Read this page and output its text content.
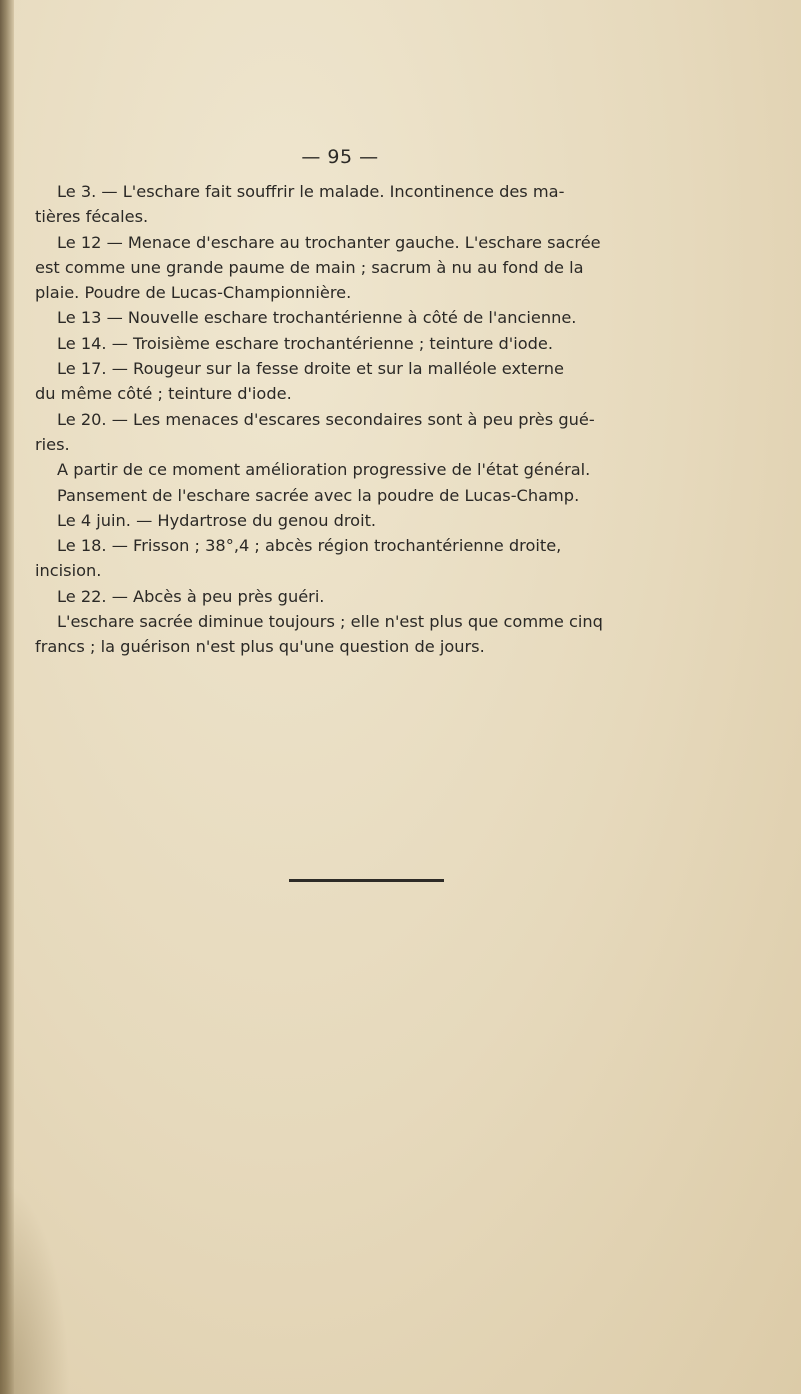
— 95 —

Le 3. — L'eschare fait souffrir le malade. Incontinence des ma-

tières fécales.

Le 12 — Menace d'eschare au trochanter gauche. L'eschare sacrée

est comme une grande paume de main ; sacrum à nu au fond de la

plaie. Poudre de Lucas-Championnière.

Le 13 — Nouvelle eschare trochantérienne à côté de l'ancienne.

Le 14. — Troisième eschare trochantérienne ; teinture d'iode.

Le 17. — Rougeur sur la fesse droite et sur la malléole externe

du même côté ; teinture d'iode.

Le 20. — Les menaces d'escares secondaires sont à peu près gué-

ries.

A partir de ce moment amélioration progressive de l'état général.

Pansement de l'eschare sacrée avec la poudre de Lucas-Champ.

Le 4 juin. — Hydartrose du genou droit.

Le 18. — Frisson ; 38°,4 ; abcès région trochantérienne droite,

incision.

Le 22. — Abcès à peu près guéri.

L'eschare sacrée diminue toujours ; elle n'est plus que comme cinq

francs ; la guérison n'est plus qu'une question de jours.
